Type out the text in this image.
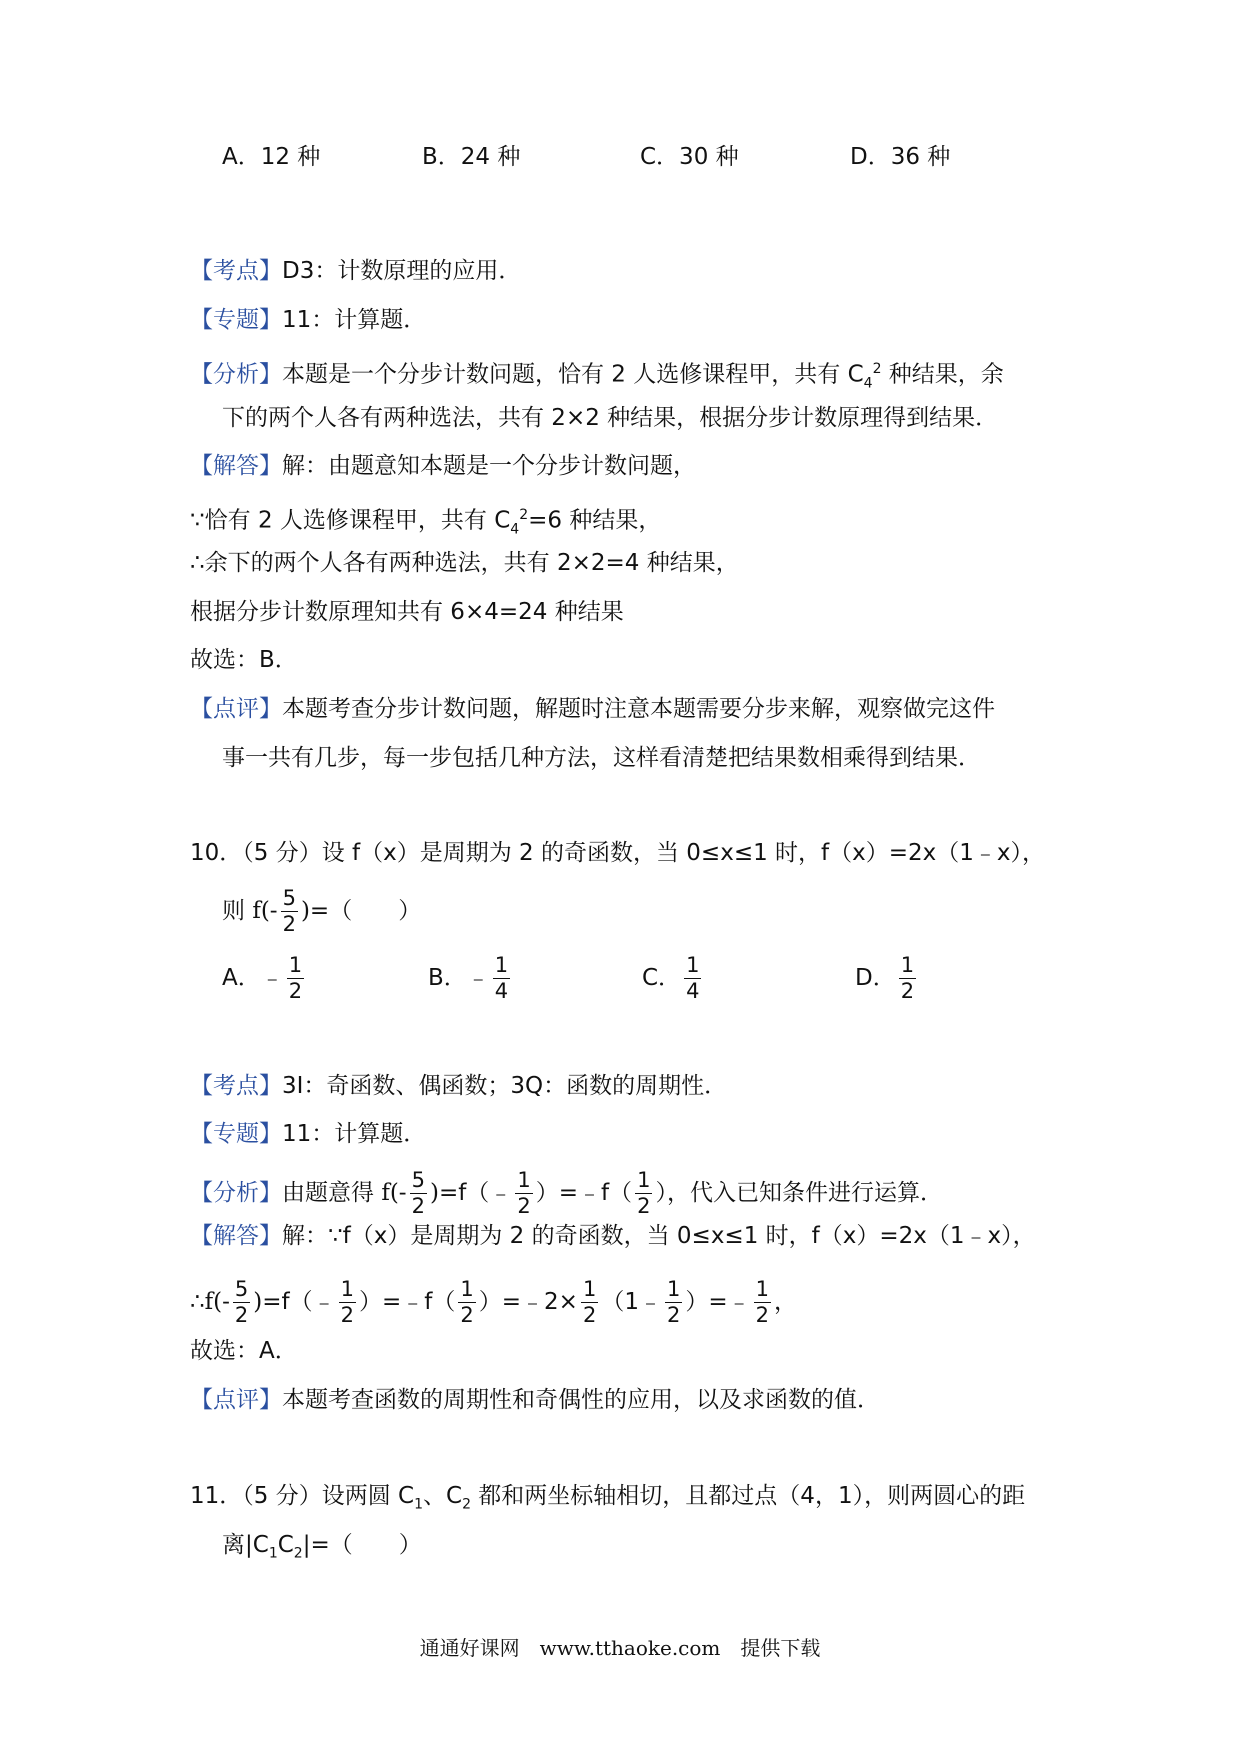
A．12 种	B．24 种	C．30 种	D．36 种
【考点】D3：计数原理的应用．
【专题】11：计算题．
【分析】本题是一个分步计数问题，恰有 2 人选修课程甲，共有 $C_4^2$ 种结果，余
下的两个人各有两种选法，共有 2×2 种结果，根据分步计数原理得到结果．
【解答】解：由题意知本题是一个分步计数问题，
∵恰有 2 人选修课程甲，共有 $C_4^2=6$ 种结果，
∴余下的两个人各有两种选法，共有 2×2=4 种结果，
根据分步计数原理知共有 6×4=24 种结果
故选：B．
【点评】本题考查分步计数问题，解题时注意本题需要分步来解，观察做完这件
事一共有几步，每一步包括几种方法，这样看清楚把结果数相乘得到结果．
10．（5 分）设 f（x）是周期为 2 的奇函数，当 0≤x≤1 时，f（x）=2x（1﹣x），
则 $f(- \frac{5}{2}$ )=（　　）
A．﹣ $\frac{1}{2}$	B．﹣ $\frac{1}{4}$	C． $\frac{1}{4}$	D． $\frac{1}{2}$
【考点】3I：奇函数、偶函数；3Q：函数的周期性．
【专题】11：计算题．
【分析】由题意得 $f(- \frac{5}{2}$ )=f（﹣ $\frac{1}{2}$ ）=﹣f（ $\frac{1}{2}$ ），代入已知条件进行运算．
【解答】解：∵f（x）是周期为 2 的奇函数，当 0≤x≤1 时，f（x）=2x（1﹣x），
∴f(- $\frac{5}{2}$ )=f（﹣ $\frac{1}{2}$ ）=﹣f（ $\frac{1}{2}$ ）=﹣2× $\frac{1}{2}$ （1﹣ $\frac{1}{2}$ ）=﹣ $\frac{1}{2}$ ，
故选：A．
【点评】本题考查函数的周期性和奇偶性的应用，以及求函数的值．
11．（5 分）设两圆 $C_1$、$C_2$ 都和两坐标轴相切，且都过点（4，1），则两圆心的距
离$|C_1C_2|=$（　　）
通通好课网　www.tthaoke.com　提供下载
